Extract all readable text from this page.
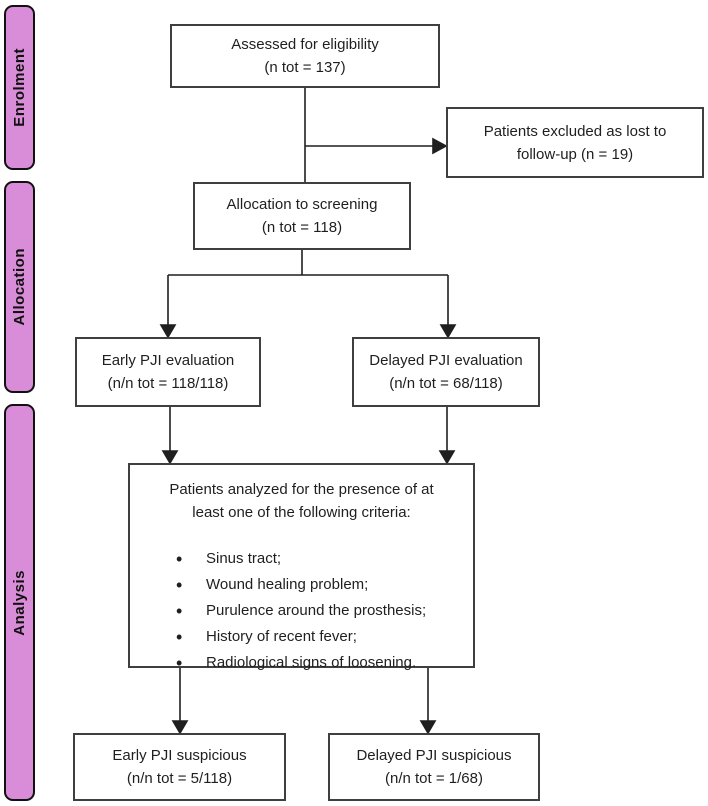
Enrolment
Allocation
Analysis
Assessed for eligibility
(n tot = 137)
Patients excluded as lost to
follow-up (n = 19)
Allocation to screening
(n tot = 118)
Early PJI evaluation
(n/n tot = 118/118)
Delayed PJI evaluation
(n/n tot = 68/118)
Patients analyzed for the presence of at
least one of the following criteria:
• Sinus tract;
• Wound healing problem;
• Purulence around the prosthesis;
• History of recent fever;
• Radiological signs of loosening.
Early PJI suspicious
(n/n tot = 5/118)
Delayed PJI suspicious
(n/n tot = 1/68)
